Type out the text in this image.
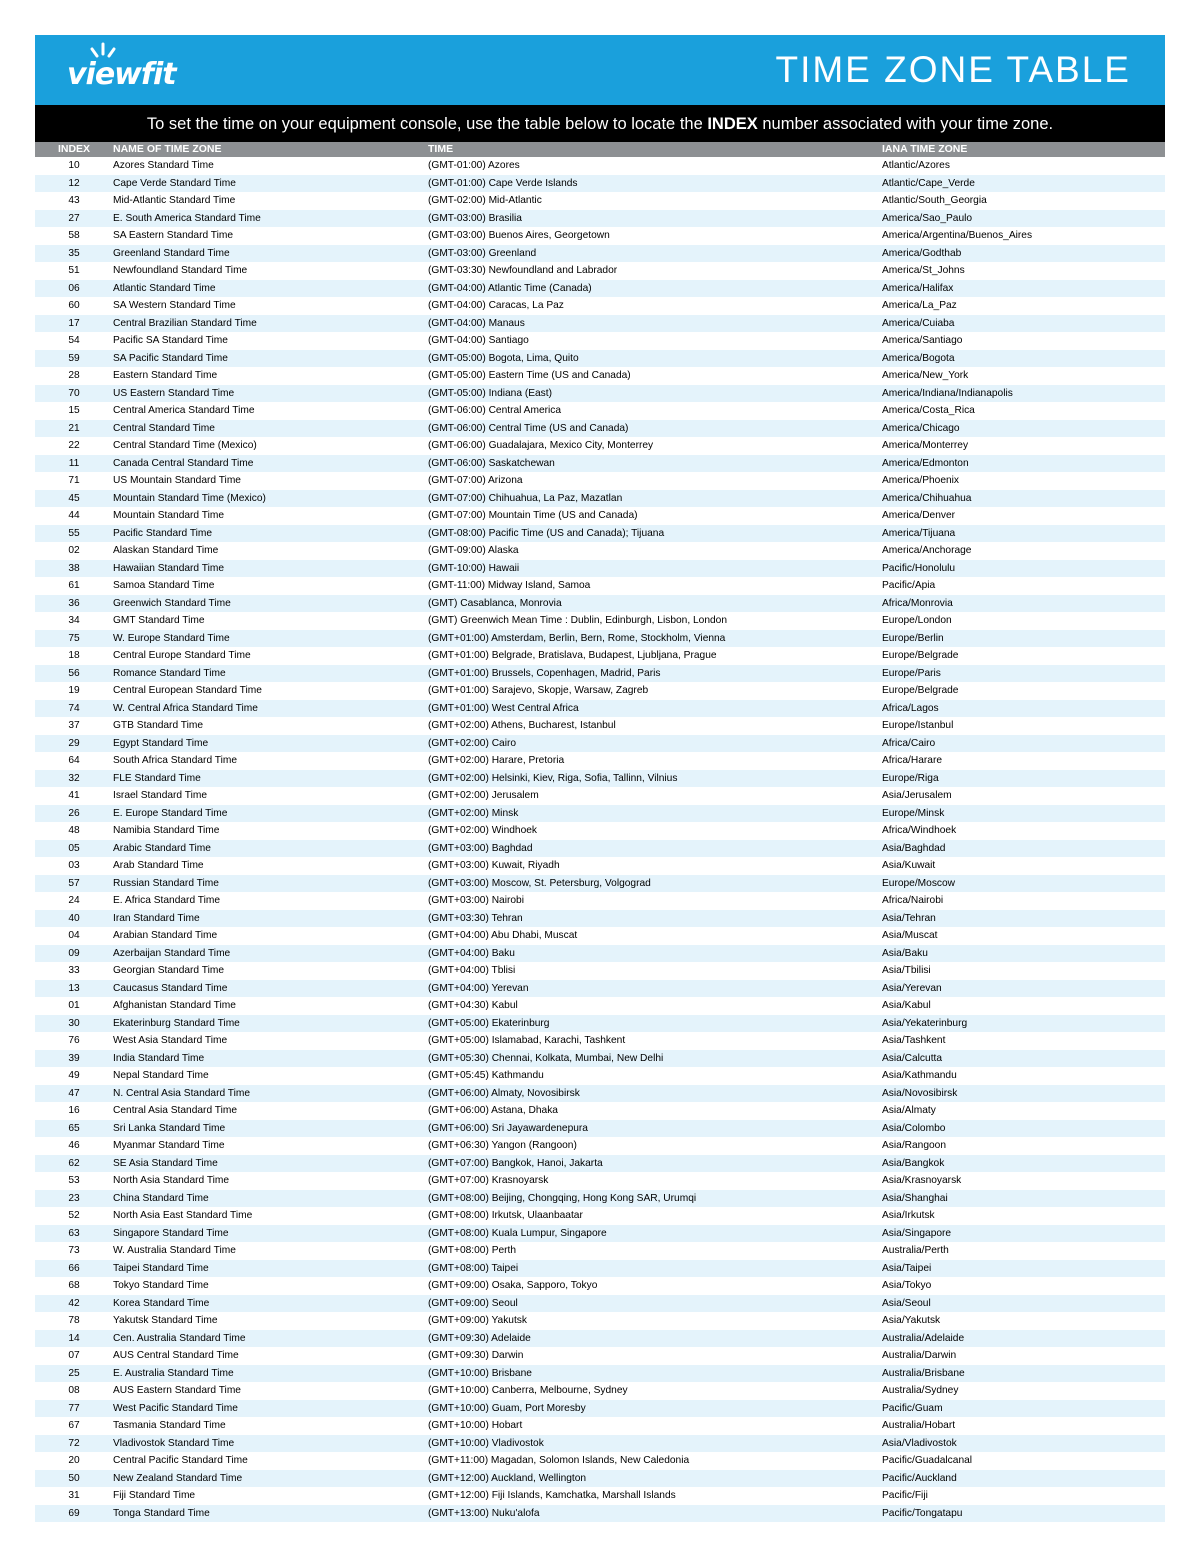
viewfit	TIME ZONE TABLE
To set the time on your equipment console, use the table below to locate the INDEX number associated with your time zone.
INDEX	NAME OF TIME ZONE	TIME	IANA TIME ZONE
10	Azores Standard Time	(GMT-01:00) Azores	Atlantic/Azores
12	Cape Verde Standard Time	(GMT-01:00) Cape Verde Islands	Atlantic/Cape_Verde
43	Mid-Atlantic Standard Time	(GMT-02:00) Mid-Atlantic	Atlantic/South_Georgia
27	E. South America Standard Time	(GMT-03:00) Brasilia	America/Sao_Paulo
58	SA Eastern Standard Time	(GMT-03:00) Buenos Aires, Georgetown	America/Argentina/Buenos_Aires
35	Greenland Standard Time	(GMT-03:00) Greenland	America/Godthab
51	Newfoundland Standard Time	(GMT-03:30) Newfoundland and Labrador	America/St_Johns
06	Atlantic Standard Time	(GMT-04:00) Atlantic Time (Canada)	America/Halifax
60	SA Western Standard Time	(GMT-04:00) Caracas, La Paz	America/La_Paz
17	Central Brazilian Standard Time	(GMT-04:00) Manaus	America/Cuiaba
54	Pacific SA Standard Time	(GMT-04:00) Santiago	America/Santiago
59	SA Pacific Standard Time	(GMT-05:00) Bogota, Lima, Quito	America/Bogota
28	Eastern Standard Time	(GMT-05:00) Eastern Time (US and Canada)	America/New_York
70	US Eastern Standard Time	(GMT-05:00) Indiana (East)	America/Indiana/Indianapolis
15	Central America Standard Time	(GMT-06:00) Central America	America/Costa_Rica
21	Central Standard Time	(GMT-06:00) Central Time (US and Canada)	America/Chicago
22	Central Standard Time (Mexico)	(GMT-06:00) Guadalajara, Mexico City, Monterrey	America/Monterrey
11	Canada Central Standard Time	(GMT-06:00) Saskatchewan	America/Edmonton
71	US Mountain Standard Time	(GMT-07:00) Arizona	America/Phoenix
45	Mountain Standard Time (Mexico)	(GMT-07:00) Chihuahua, La Paz, Mazatlan	America/Chihuahua
44	Mountain Standard Time	(GMT-07:00) Mountain Time (US and Canada)	America/Denver
55	Pacific Standard Time	(GMT-08:00) Pacific Time (US and Canada); Tijuana	America/Tijuana
02	Alaskan Standard Time	(GMT-09:00) Alaska	America/Anchorage
38	Hawaiian Standard Time	(GMT-10:00) Hawaii	Pacific/Honolulu
61	Samoa Standard Time	(GMT-11:00) Midway Island, Samoa	Pacific/Apia
36	Greenwich Standard Time	(GMT) Casablanca, Monrovia	Africa/Monrovia
34	GMT Standard Time	(GMT) Greenwich Mean Time : Dublin, Edinburgh, Lisbon, London	Europe/London
75	W. Europe Standard Time	(GMT+01:00) Amsterdam, Berlin, Bern, Rome, Stockholm, Vienna	Europe/Berlin
18	Central Europe Standard Time	(GMT+01:00) Belgrade, Bratislava, Budapest, Ljubljana, Prague	Europe/Belgrade
56	Romance Standard Time	(GMT+01:00) Brussels, Copenhagen, Madrid, Paris	Europe/Paris
19	Central European Standard Time	(GMT+01:00) Sarajevo, Skopje, Warsaw, Zagreb	Europe/Belgrade
74	W. Central Africa Standard Time	(GMT+01:00) West Central Africa	Africa/Lagos
37	GTB Standard Time	(GMT+02:00) Athens, Bucharest, Istanbul	Europe/Istanbul
29	Egypt Standard Time	(GMT+02:00) Cairo	Africa/Cairo
64	South Africa Standard Time	(GMT+02:00) Harare, Pretoria	Africa/Harare
32	FLE Standard Time	(GMT+02:00) Helsinki, Kiev, Riga, Sofia, Tallinn, Vilnius	Europe/Riga
41	Israel Standard Time	(GMT+02:00) Jerusalem	Asia/Jerusalem
26	E. Europe Standard Time	(GMT+02:00) Minsk	Europe/Minsk
48	Namibia Standard Time	(GMT+02:00) Windhoek	Africa/Windhoek
05	Arabic Standard Time	(GMT+03:00) Baghdad	Asia/Baghdad
03	Arab Standard Time	(GMT+03:00) Kuwait, Riyadh	Asia/Kuwait
57	Russian Standard Time	(GMT+03:00) Moscow, St. Petersburg, Volgograd	Europe/Moscow
24	E. Africa Standard Time	(GMT+03:00) Nairobi	Africa/Nairobi
40	Iran Standard Time	(GMT+03:30) Tehran	Asia/Tehran
04	Arabian Standard Time	(GMT+04:00) Abu Dhabi, Muscat	Asia/Muscat
09	Azerbaijan Standard Time	(GMT+04:00) Baku	Asia/Baku
33	Georgian Standard Time	(GMT+04:00) Tblisi	Asia/Tbilisi
13	Caucasus Standard Time	(GMT+04:00) Yerevan	Asia/Yerevan
01	Afghanistan Standard Time	(GMT+04:30) Kabul	Asia/Kabul
30	Ekaterinburg Standard Time	(GMT+05:00) Ekaterinburg	Asia/Yekaterinburg
76	West Asia Standard Time	(GMT+05:00) Islamabad, Karachi, Tashkent	Asia/Tashkent
39	India Standard Time	(GMT+05:30) Chennai, Kolkata, Mumbai, New Delhi	Asia/Calcutta
49	Nepal Standard Time	(GMT+05:45) Kathmandu	Asia/Kathmandu
47	N. Central Asia Standard Time	(GMT+06:00) Almaty, Novosibirsk	Asia/Novosibirsk
16	Central Asia Standard Time	(GMT+06:00) Astana, Dhaka	Asia/Almaty
65	Sri Lanka Standard Time	(GMT+06:00) Sri Jayawardenepura	Asia/Colombo
46	Myanmar Standard Time	(GMT+06:30) Yangon (Rangoon)	Asia/Rangoon
62	SE Asia Standard Time	(GMT+07:00) Bangkok, Hanoi, Jakarta	Asia/Bangkok
53	North Asia Standard Time	(GMT+07:00) Krasnoyarsk	Asia/Krasnoyarsk
23	China Standard Time	(GMT+08:00) Beijing, Chongqing, Hong Kong SAR, Urumqi	Asia/Shanghai
52	North Asia East Standard Time	(GMT+08:00) Irkutsk, Ulaanbaatar	Asia/Irkutsk
63	Singapore Standard Time	(GMT+08:00) Kuala Lumpur, Singapore	Asia/Singapore
73	W. Australia Standard Time	(GMT+08:00) Perth	Australia/Perth
66	Taipei Standard Time	(GMT+08:00) Taipei	Asia/Taipei
68	Tokyo Standard Time	(GMT+09:00) Osaka, Sapporo, Tokyo	Asia/Tokyo
42	Korea Standard Time	(GMT+09:00) Seoul	Asia/Seoul
78	Yakutsk Standard Time	(GMT+09:00) Yakutsk	Asia/Yakutsk
14	Cen. Australia Standard Time	(GMT+09:30) Adelaide	Australia/Adelaide
07	AUS Central Standard Time	(GMT+09:30) Darwin	Australia/Darwin
25	E. Australia Standard Time	(GMT+10:00) Brisbane	Australia/Brisbane
08	AUS Eastern Standard Time	(GMT+10:00) Canberra, Melbourne, Sydney	Australia/Sydney
77	West Pacific Standard Time	(GMT+10:00) Guam, Port Moresby	Pacific/Guam
67	Tasmania Standard Time	(GMT+10:00) Hobart	Australia/Hobart
72	Vladivostok Standard Time	(GMT+10:00) Vladivostok	Asia/Vladivostok
20	Central Pacific Standard Time	(GMT+11:00) Magadan, Solomon Islands, New Caledonia	Pacific/Guadalcanal
50	New Zealand Standard Time	(GMT+12:00) Auckland, Wellington	Pacific/Auckland
31	Fiji Standard Time	(GMT+12:00) Fiji Islands, Kamchatka, Marshall Islands	Pacific/Fiji
69	Tonga Standard Time	(GMT+13:00) Nuku'alofa	Pacific/Tongatapu
